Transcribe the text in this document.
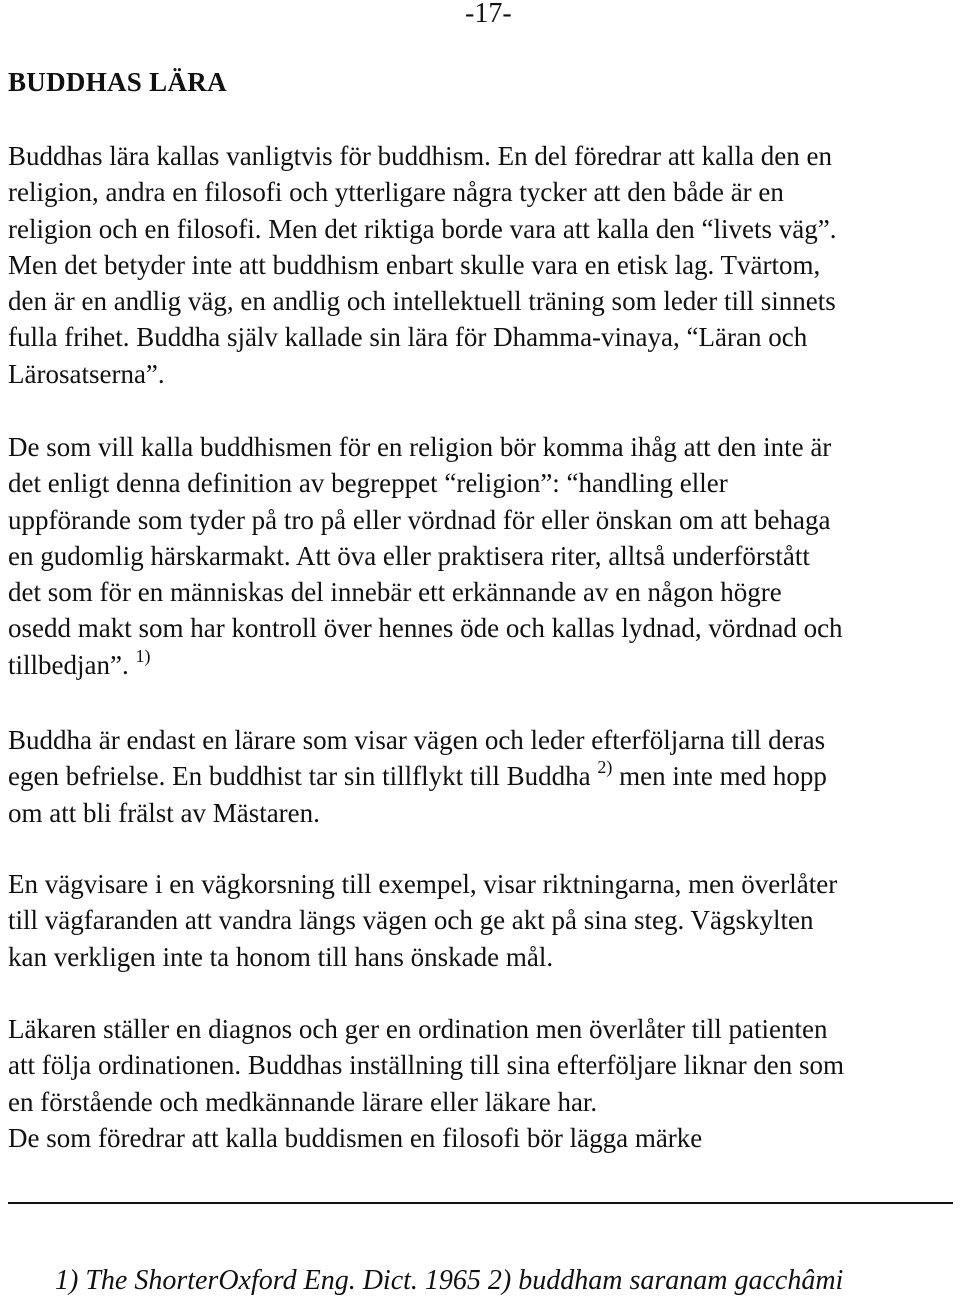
-17-
BUDDHAS LÄRA

Buddhas lära kallas vanligtvis för buddhism. En del föredrar att kalla den en
religion, andra en filosofi och ytterligare några tycker att den både är en
religion och en filosofi. Men det riktiga borde vara att kalla den “livets väg”.
Men det betyder inte att buddhism enbart skulle vara en etisk lag. Tvärtom,
den är en andlig väg, en andlig och intellektuell träning som leder till sinnets
fulla frihet. Buddha själv kallade sin lära för Dhamma-vinaya, “Läran och
Lärosatserna”.

De som vill kalla buddhismen för en religion bör komma ihåg att den inte är
det enligt denna definition av begreppet “religion”: “handling eller
uppförande som tyder på tro på eller vördnad för eller önskan om att behaga
en gudomlig härskarmakt. Att öva eller praktisera riter, alltså underförstått
det som för en människas del innebär ett erkännande av en någon högre
osedd makt som har kontroll över hennes öde och kallas lydnad, vördnad och
tillbedjan”. $^{1)}$

Buddha är endast en lärare som visar vägen och leder efterföljarna till deras
egen befrielse. En buddhist tar sin tillflykt till Buddha $^{2)}$ men inte med hopp
om att bli frälst av Mästaren.

En vägvisare i en vägkorsning till exempel, visar riktningarna, men överlåter
till vägfaranden att vandra längs vägen och ge akt på sina steg. Vägskylten
kan verkligen inte ta honom till hans önskade mål.

Läkaren ställer en diagnos och ger en ordination men överlåter till patienten
att följa ordinationen. Buddhas inställning till sina efterföljare liknar den som
en förstående och medkännande lärare eller läkare har.
De som föredrar att kalla buddismen en filosofi bör lägga märke

1) The ShorterOxford Eng. Dict. 1965 2) buddham saranam gacchâmi
